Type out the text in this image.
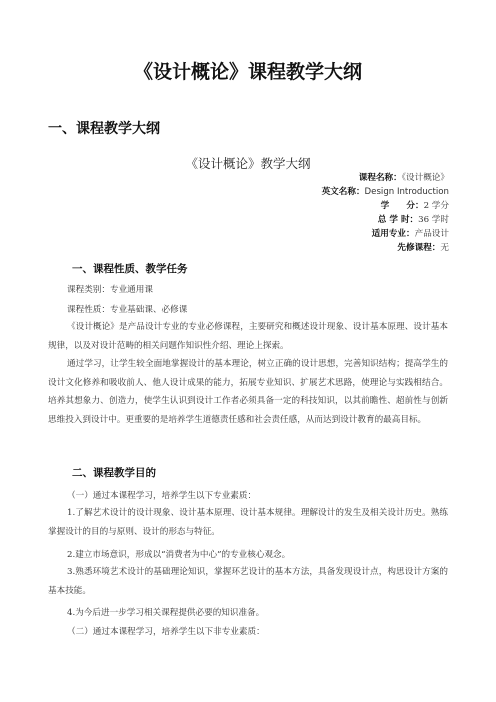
《设计概论》课程教学大纲
一、课程教学大纲
《设计概论》教学大纲
课程名称：《设计概论》
英文名称：Design Introduction
学　　分：2 学分
总 学 时：36 学时
适用专业：产品设计
先修课程：无
一、课程性质、教学任务
课程类别：专业通用课
课程性质：专业基础课、必修课

《设计概论》是产品设计专业的专业必修课程，主要研究和概述设计现象、设计基本原理、设计基本规律，以及对设计范畴的相关问题作知识性介绍、理论上探索。

通过学习，让学生较全面地掌握设计的基本理论，树立正确的设计思想，完善知识结构；提高学生的设计文化修养和吸收前人、他人设计成果的能力，拓展专业知识、扩展艺术思路，使理论与实践相结合。培养其想象力、创造力，使学生认识到设计工作者必须具备一定的科技知识，以其前瞻性、超前性与创新思维投入到设计中。更重要的是培养学生道德责任感和社会责任感，从而达到设计教育的最高目标。

二、课程教学目的
（一）通过本课程学习，培养学生以下专业素质：

1.了解艺术设计的设计现象、设计基本原理、设计基本规律。理解设计的发生及相关设计历史。熟练掌握设计的目的与原则、设计的形态与特征。

2.建立市场意识，形成以“消费者为中心”的专业核心观念。

3.熟悉环境艺术设计的基础理论知识，掌握环艺设计的基本方法，具备发现设计点，构思设计方案的基本技能。

4.为今后进一步学习相关课程提供必要的知识准备。
（二）通过本课程学习，培养学生以下非专业素质：
